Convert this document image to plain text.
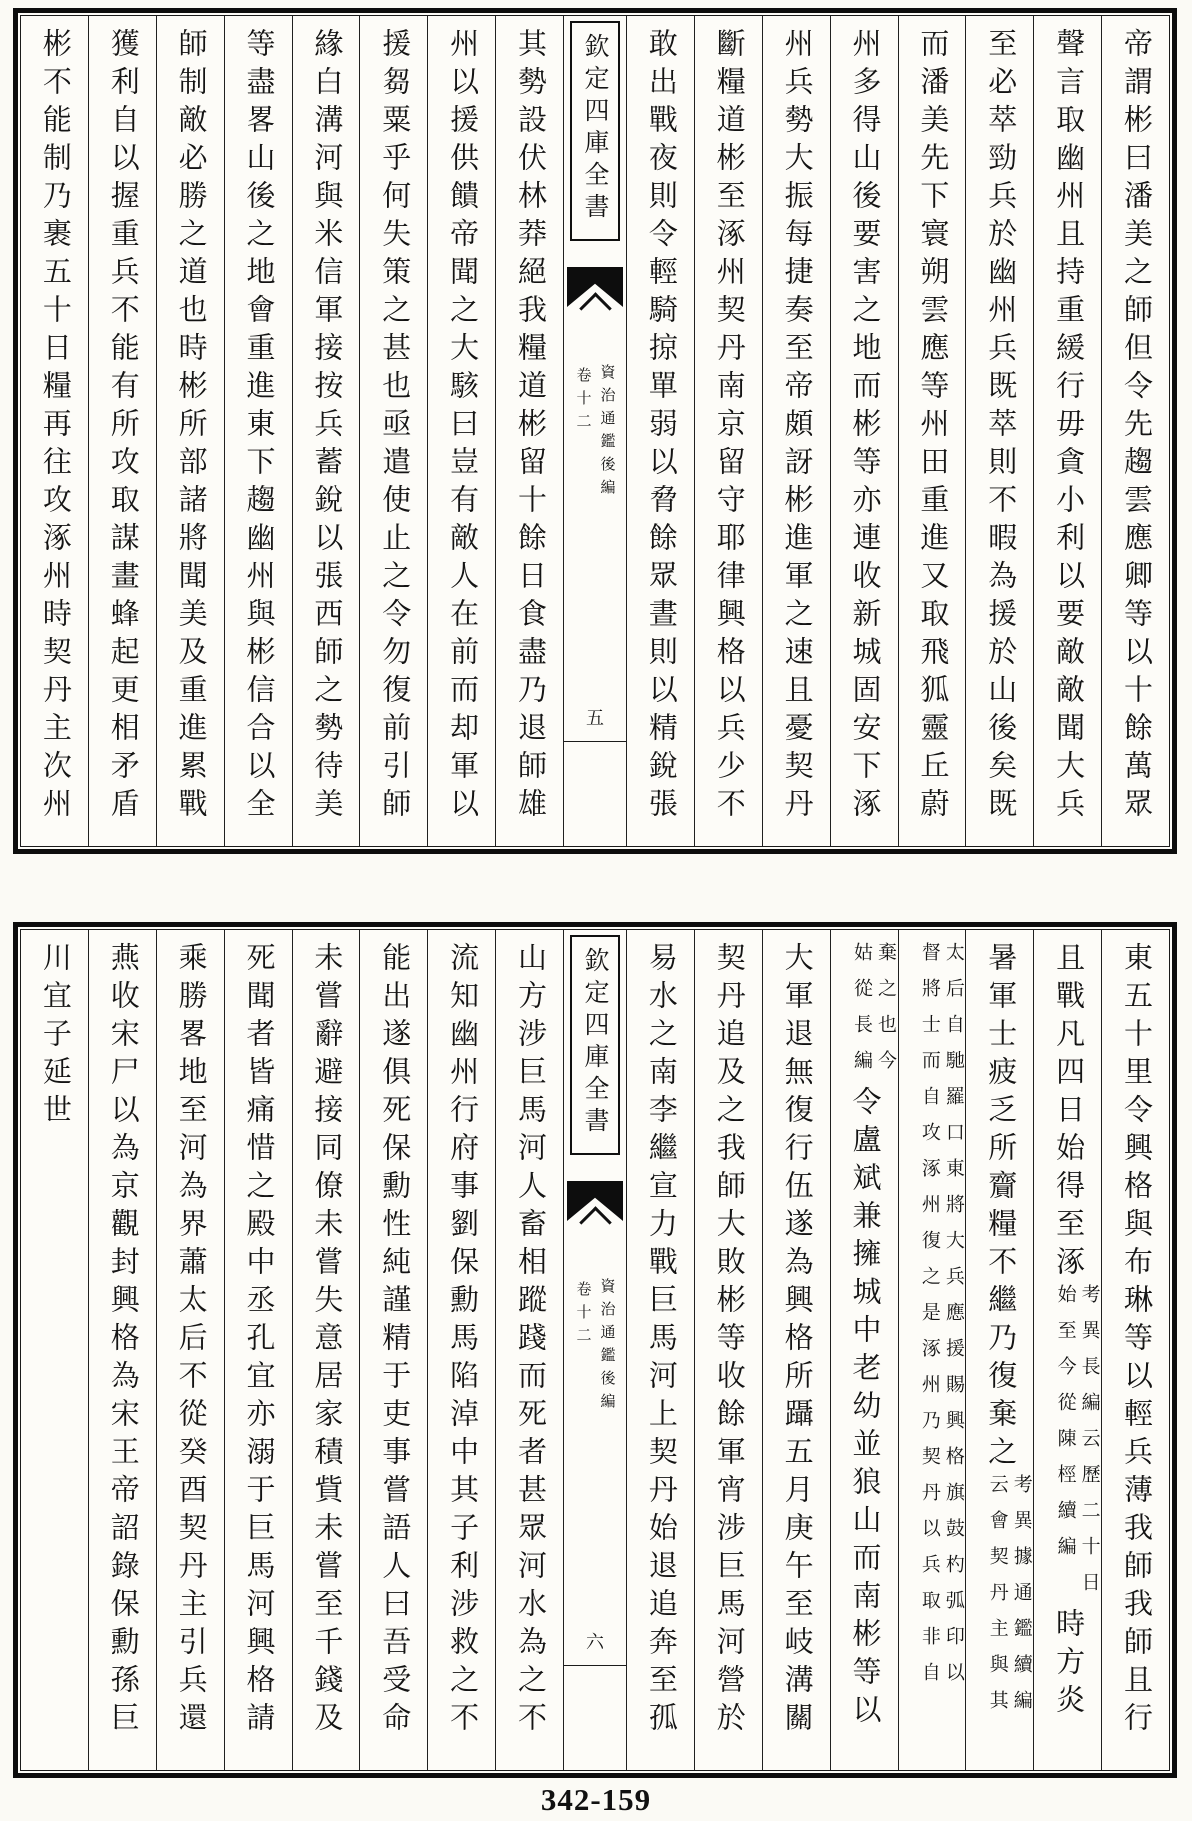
帝謂彬曰潘美之師但令先趨雲應卿等以十餘萬眾
聲言取幽州且持重緩行毋貪小利以要敵敵聞大兵
至必萃勁兵於幽州兵既萃則不暇為援於山後矣既
而潘美先下寰朔雲應等州田重進又取飛狐靈丘蔚
州多得山後要害之地而彬等亦連收新城固安下涿
州兵勢大振每捷奏至帝頗訝彬進軍之速且憂契丹
斷糧道彬至涿州契丹南京留守耶律興格以兵少不
敢出戰夜則令輕騎掠單弱以脅餘眾晝則以精銳張
欽定四庫全書
資治通鑑後編
卷十二
五
其勢設伏林莽絕我糧道彬留十餘日食盡乃退師雄
州以援供饋帝聞之大駭曰豈有敵人在前而却軍以
援芻粟乎何失策之甚也亟遣使止之令勿復前引師
緣白溝河與米信軍接按兵蓄銳以張西師之勢待美
等盡畧山後之地會重進東下趨幽州與彬信合以全
師制敵必勝之道也時彬所部諸將聞美及重進累戰
獲利自以握重兵不能有所攻取謀畫蜂起更相矛盾
彬不能制乃裹五十日糧再往攻涿州時契丹主次州
東五十里令興格與布琳等以輕兵薄我師我師且行
且戰凡四日始得至涿
考異長編云歷二十日
始至今從陳桱續編
時方炎
暑軍士疲乏所齎糧不繼乃復棄之
考異據通鑑續編
云會契丹主與其
太后自馳羅口東將大兵應援賜興格旗鼓杓弧印以
督將士而自攻涿州復之是涿州乃契丹以兵取非自
棄之也今
姑從長編
令盧斌兼擁城中老幼並狼山而南彬等以
大軍退無復行伍遂為興格所躡五月庚午至岐溝關
契丹追及之我師大敗彬等收餘軍宵涉巨馬河營於
易水之南李繼宣力戰巨馬河上契丹始退追奔至孤
欽定四庫全書
資治通鑑後編
卷十二
六
山方涉巨馬河人畜相蹤踐而死者甚眾河水為之不
流知幽州行府事劉保勳馬陷淖中其子利涉救之不
能出遂俱死保勳性純謹精于吏事嘗語人曰吾受命
未嘗辭避接同僚未嘗失意居家積貲未嘗至千錢及
死聞者皆痛惜之殿中丞孔宜亦溺于巨馬河興格請
乘勝畧地至河為界蕭太后不從癸酉契丹主引兵還
燕收宋尸以為京觀封興格為宋王帝詔錄保勳孫巨
川宜子延世
342-159
